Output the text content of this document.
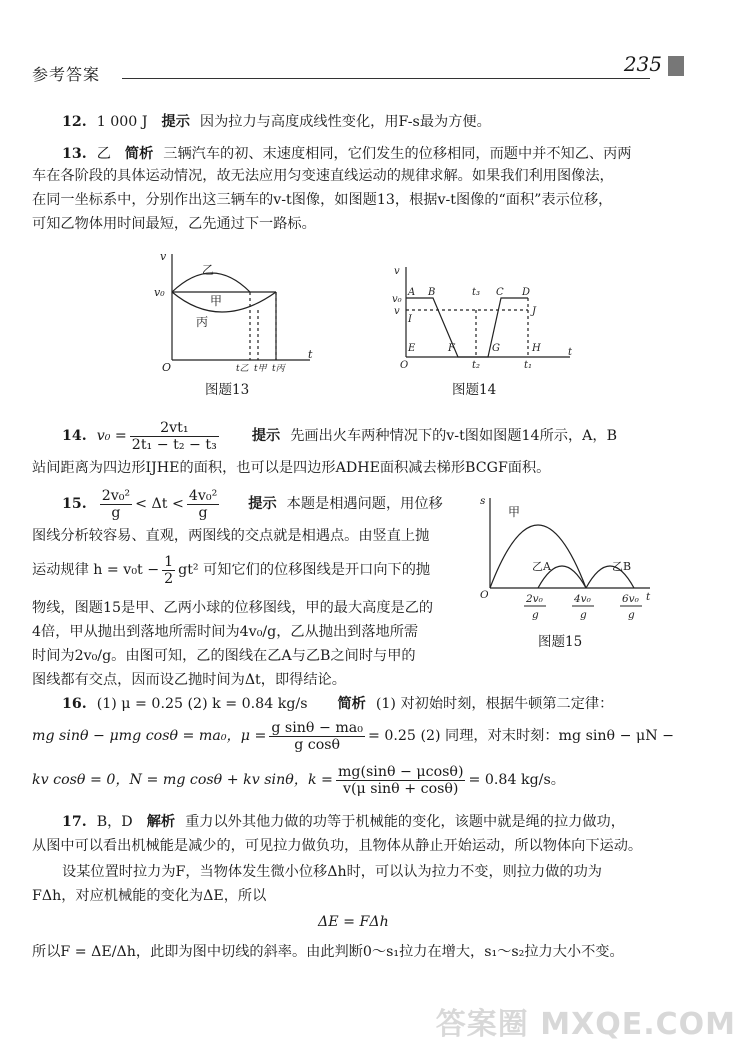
参考答案	235
12. 1 000 J 提示 因为拉力与高度成线性变化，用F-s最为方便。
13. 乙 简析 三辆汽车的初、末速度相同，它们发生的位移相同，而题中并不知乙、丙两
车在各阶段的具体运动情况，故无法应用匀变速直线运动的规律求解。如果我们利用图像法，
在同一坐标系中，分别作出这三辆车的v-t图像，如图题13，根据v-t图像的“面积”表示位移，
可知乙物体用时间最短，乙先通过下一路标。
v
v₀
O
t
乙
甲
丙
t乙 t甲 t丙
图题13
v
v₀
v
O
t
A B	C D
E	F	G	H
I
J
t₃
t₂	t₁
图题14
14. $v_0 = \frac{\text{2vt₁}}{\text{2t₁ − t₂ − t₃}}$ 提示 先画出火车两种情况下的v-t图如图题14所示，A，B
站间距离为四边形IJHE的面积，也可以是四边形ADHE面积减去梯形BCGF面积。
15. $\frac{\text{2v₀²}}{g} < \Delta t < \frac{\text{4v₀²}}{g}$ 提示 本题是相遇问题，用位移
图线分析较容易、直观，两图线的交点就是相遇点。由竖直上抛
运动规律 $h = v_0t - \frac{1}{2} gt^2$ 可知它们的位移图线是开口向下的抛
物线，图题15是甲、乙两小球的位移图线，甲的最大高度是乙的
4倍，甲从抛出到落地所需时间为4v₀/g，乙从抛出到落地所需
时间为2v₀/g。由图可知，乙的图线在乙A与乙B之间时与甲的
图线都有交点，因而设乙抛时间为Δt，即得结论。
s
O	t
甲
乙A	乙B
2v₀
g
4v₀
g
6v₀
g
图题15
16. (1) μ = 0.25 (2) k = 0.84 kg/s 简析 (1) 对初始时刻，根据牛顿第二定律：
mg sinθ − μmg cosθ = ma₀，$\mu = \frac{\text{g sinθ − ma₀}}{\text{g cosθ}} = 0.25$ (2) 同理，对末时刻：mg sinθ − μN −
kv cosθ = 0，N = mg cosθ + kv sinθ，$k = \frac{mg(\sin\theta - \mu\cos\theta)}{\text{v(μ sinθ + cosθ)}} = 0.84$ kg/s。
17. B，D 解析 重力以外其他力做的功等于机械能的变化，该题中就是绳的拉力做功，
从图中可以看出机械能是减少的，可见拉力做负功，且物体从静止开始运动，所以物体向下运动。
设某位置时拉力为F，当物体发生微小位移Δh时，可以认为拉力不变，则拉力做的功为
FΔh，对应机械能的变化为ΔE，所以
ΔE = FΔh
所以F = ΔE/Δh，此即为图中切线的斜率。由此判断0～s₁拉力在增大，s₁～s₂拉力大小不变。
答案圈 MXQE.COM
